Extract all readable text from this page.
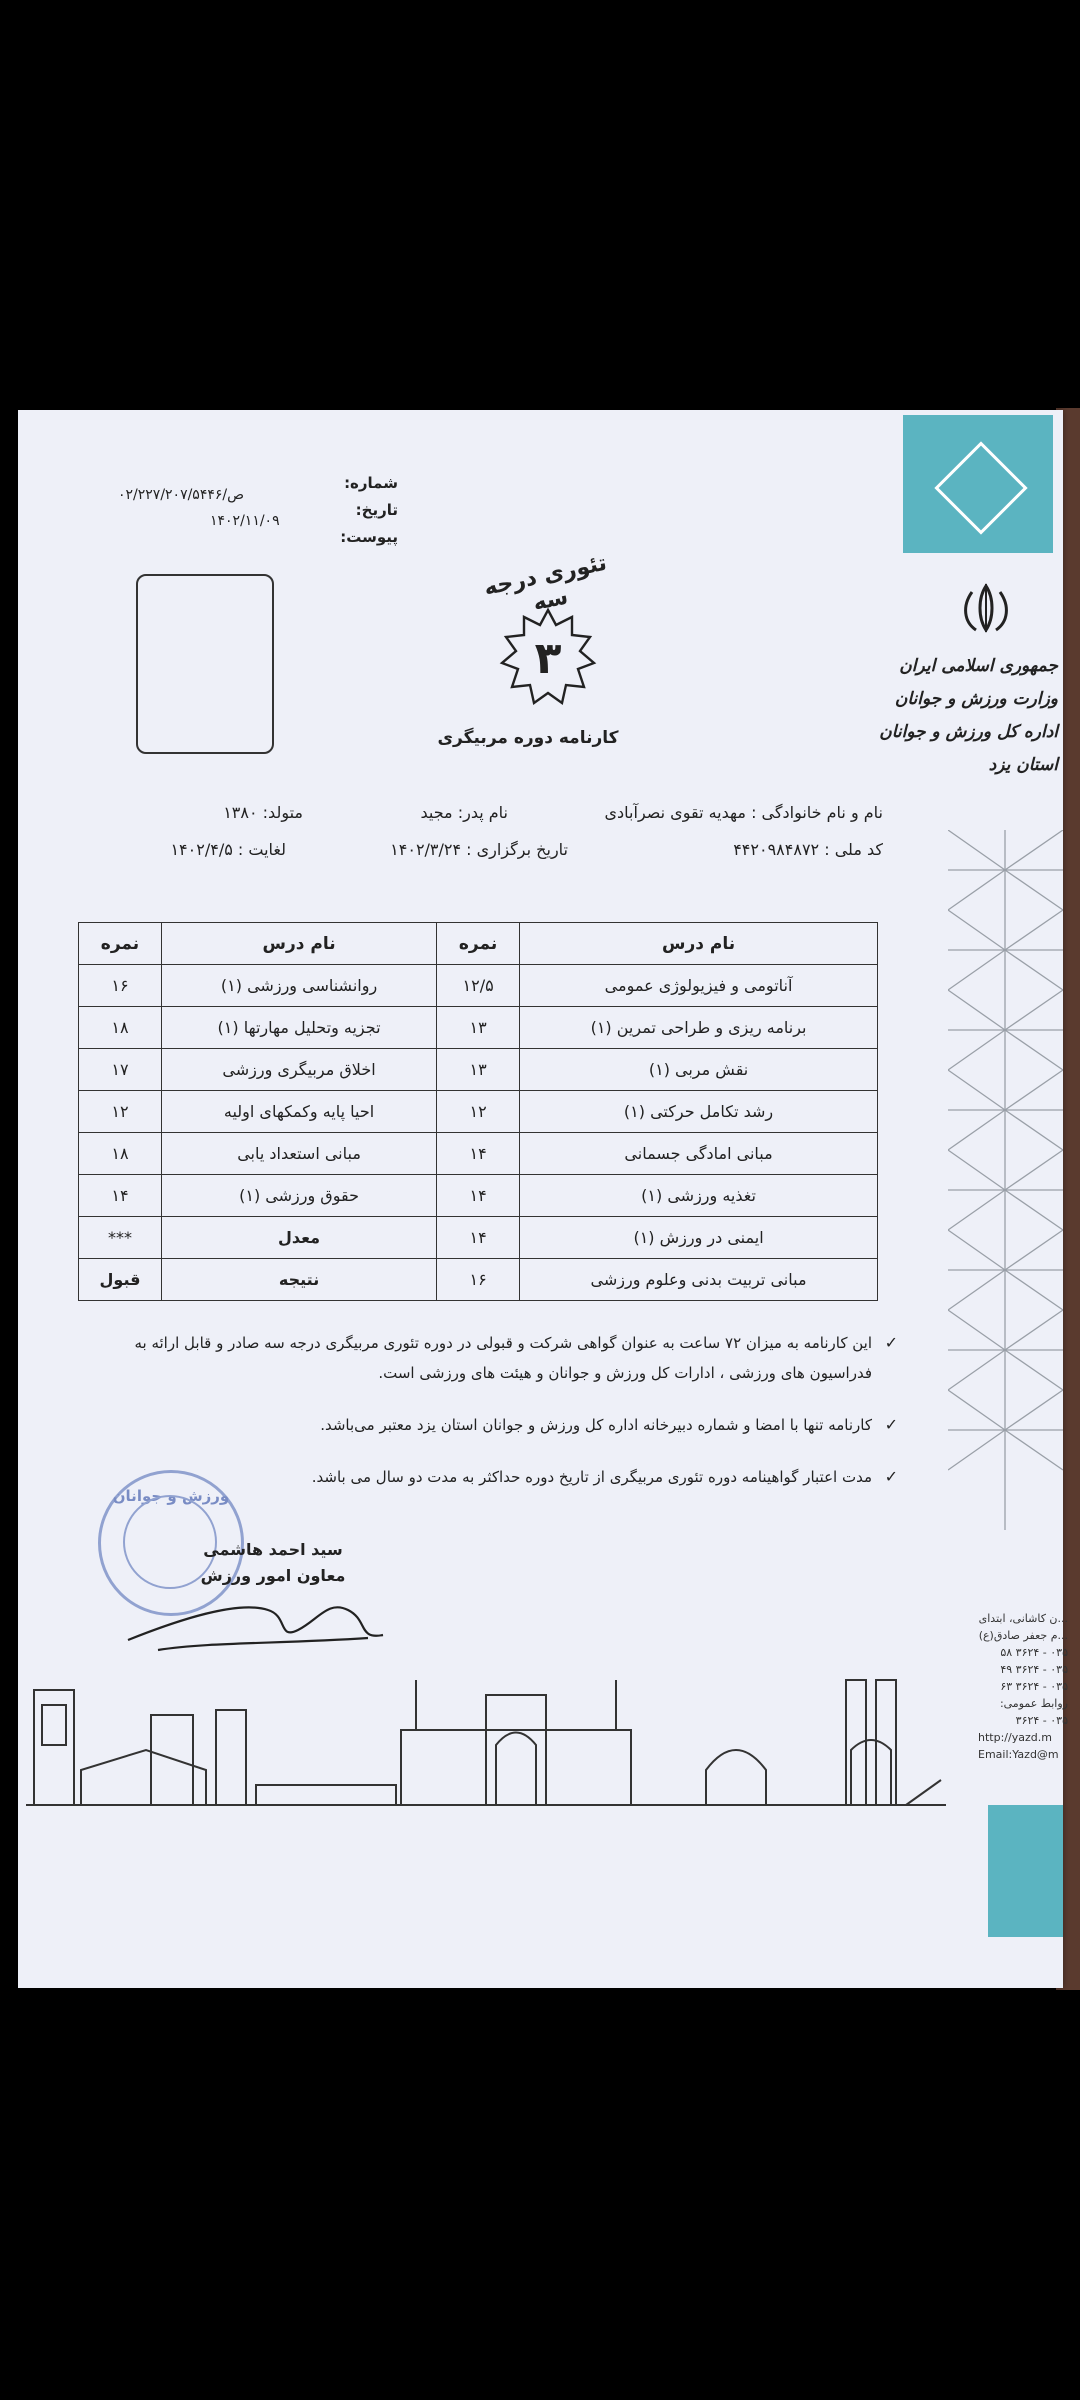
جمهوری اسلامی ایران
وزارت ورزش و جوانان
اداره کل ورزش و جوانان
استان یزد
شماره:
۰۲/۲۲۷/۲۰۷/۵۴۴۶/ص
تاریخ:
۱۴۰۲/۱۱/۰۹
پیوست:
تئوری درجه سه
۳
کارنامه دوره مربیگری
نام و نام خانوادگی : مهدیه تقوی نصرآبادی
نام پدر: مجید
متولد: ۱۳۸۰
کد ملی : ۴۴۲۰۹۸۴۸۷۲
تاریخ برگزاری : ۱۴۰۲/۳/۲۴
لغایت : ۱۴۰۲/۴/۵
نام درس	نمره	نام درس	نمره
آناتومی و فیزیولوژی عمومی	۱۲/۵	روانشناسی ورزشی (۱)	۱۶
برنامه ریزی و طراحی تمرین (۱)	۱۳	تجزیه وتحلیل مهارتها (۱)	۱۸
نقش مربی (۱)	۱۳	اخلاق مربیگری ورزشی	۱۷
رشد تکامل حرکتی (۱)	۱۲	احیا پایه وکمکهای اولیه	۱۲
مبانی امادگی جسمانی	۱۴	مبانی استعداد یابی	۱۸
تغذیه ورزشی (۱)	۱۴	حقوق ورزشی (۱)	۱۴
ایمنی در ورزش (۱)	۱۴	معدل	***
مبانی تربیت بدنی وعلوم ورزشی	۱۶	نتیجه	قبول
✓
این کارنامه به میزان ۷۲ ساعت به عنوان گواهی شرکت و قبولی در دوره تئوری مربیگری درجه سه صادر و قابل ارائه به فدراسیون های ورزشی ، ادارات کل ورزش و جوانان و هیئت های ورزشی است.
✓
کارنامه تنها با امضا و شماره دبیرخانه اداره کل ورزش و جوانان استان یزد معتبر می‌باشد.
✓
مدت اعتبار گواهینامه دوره تئوری مربیگری از تاریخ دوره حداکثر به مدت دو سال می باشد.
ورزش و جوانان
سید احمد هاشمی
معاون امور ورزش
...ن کاشانی، ابتدای
...م جعفر صادق(ع)
۰۳۵ - ۳۶۲۴ ۵۸
۰۳۵ - ۳۶۲۴ ۴۹
۰۳۵ - ۳۶۲۴ ۶۳
روابط عمومی:
۰۳۵ - ۳۶۲۴
http://yazd.m
Email:Yazd@m
